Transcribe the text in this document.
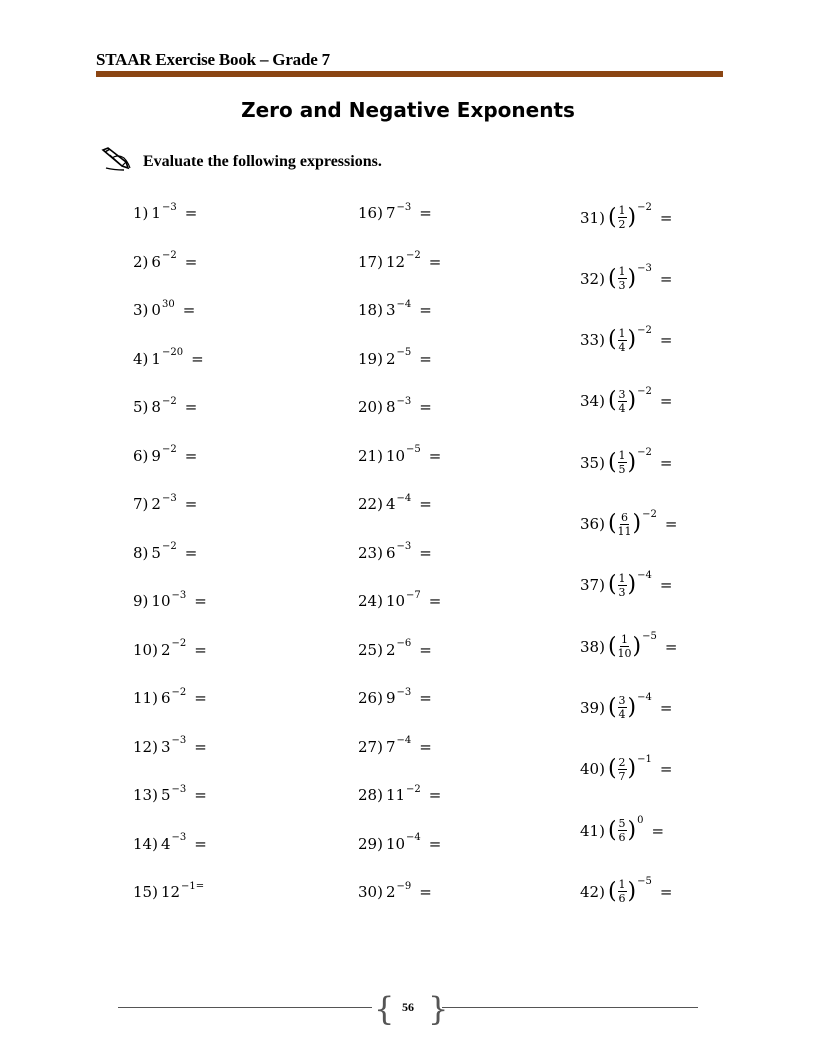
STAAR Exercise Book – Grade 7
Zero and Negative Exponents
Evaluate the following expressions.
1) $1^{-3}$ =
2) $6^{-2}$ =
3) $0^{30}$ =
4) $1^{-20}$ =
5) $8^{-2}$ =
6) $9^{-2}$ =
7) $2^{-3}$ =
8) $5^{-2}$ =
9) $10^{-3}$ =
10) $2^{-2}$ =
11) $6^{-2}$ =
12) $3^{-3}$ =
13) $5^{-3}$ =
14) $4^{-3}$ =
15) $12^{-1=}$
16) $7^{-3}$ =
17) $12^{-2}$ =
18) $3^{-4}$ =
19) $2^{-5}$ =
20) $8^{-3}$ =
21) $10^{-5}$ =
22) $4^{-4}$ =
23) $6^{-3}$ =
24) $10^{-7}$ =
25) $2^{-6}$ =
26) $9^{-3}$ =
27) $7^{-4}$ =
28) $11^{-2}$ =
29) $10^{-4}$ =
30) $2^{-9}$ =
31) ( $\frac{1}{2} )^{-2}$
=
32) ( $\frac{1}{3} )^{-3}$
=
33) ( $\frac{1}{4} )^{-2}$
=
34) ( $\frac{3}{4} )^{-2}$
=
35) ( $\frac{1}{5} )^{-2}$
=
36) ( $\frac{6}{11} )^{-2}$
=
37) ( $\frac{1}{3} )^{-4}$
=
38) ( $\frac{1}{10} )^{-5}$
=
39) ( $\frac{3}{4} )^{-4}$
=
40) ( $\frac{2}{7} )^{-1}$
=
41) ( $\frac{5}{6} )^0$
=
42) ( $\frac{1}{6} )^{-5}$
=
{ }
56
